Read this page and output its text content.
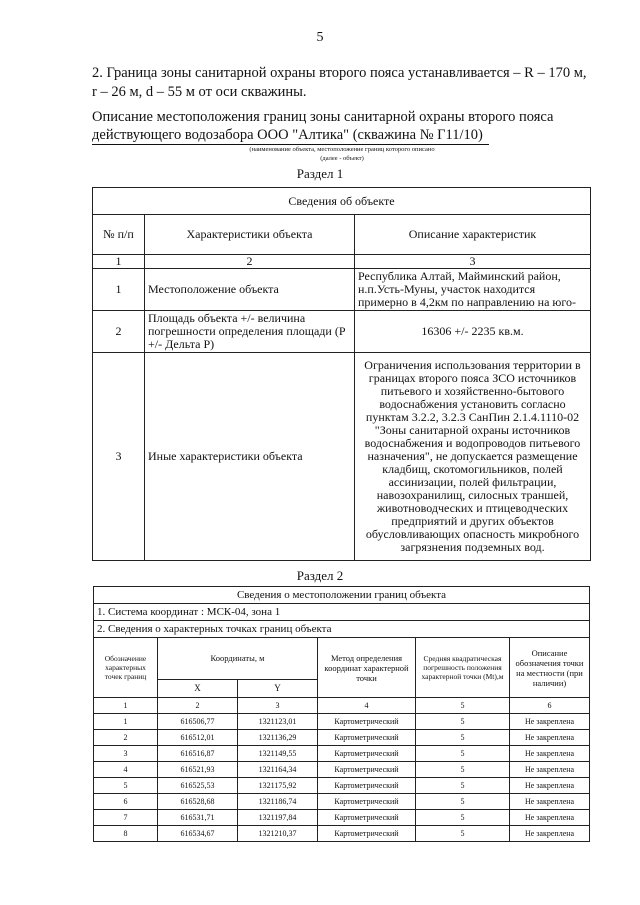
5
2. Граница зоны санитарной охраны второго пояса устанавливается – R – 170 м, r – 26 м, d – 55 м от оси скважины.
Описание местоположения границ зоны санитарной охраны второго пояса
действующего водозабора ООО "Алтика" (скважина № Г11/10)
(наименование объекта, местоположение границ которого описано
(далее - объект)
Раздел 1
Сведения об объекте		
№ п/п	Характеристики объекта	Описание характеристик
1	2	3
1	Местоположение объекта	Республика Алтай, Майминский район, н.п.Усть-Муны, участок находится примерно в 4,2км по направлению на юго-
2	Площадь объекта +/- величина погрешности определения площади (P +/- Дельта P)	16306 +/- 2235 кв.м.
3	Иные характеристики объекта	Ограничения использования территории в границах второго пояса ЗСО источников питьевого и хозяйственно-бытового водоснабжения установить согласно пунктам 3.2.2, 3.2.3 СанПин 2.1.4.1110-02 "Зоны санитарной охраны источников водоснабжения и водопроводов питьевого назначения", не допускается размещение кладбищ, скотомогильников, полей ассинизации, полей фильтрации, навозохранилищ, силосных траншей, животноводческих и птицеводческих предприятий и других объектов обусловливающих опасность микробного загрязнения подземных вод.
Раздел 2
Сведения о местоположении границ объекта					
1. Система координат : МСК-04, зона 1					
2. Сведения о характерных точках границ объекта					
Обозначение характерных точек границ	Координаты, м		Метод определения координат характерной точки	Средняя квадратическая погрешность положения характерной точки (Mt),м	Описание обозначения точки на местности (при наличии)
	X	Y			
1	2	3	4	5	6
1	616506,77	1321123,01	Картометрический	5	Не закреплена
2	616512,01	1321136,29	Картометрический	5	Не закреплена
3	616516,87	1321149,55	Картометрический	5	Не закреплена
4	616521,93	1321164,34	Картометрический	5	Не закреплена
5	616525,53	1321175,92	Картометрический	5	Не закреплена
6	616528,68	1321186,74	Картометрический	5	Не закреплена
7	616531,71	1321197,84	Картометрический	5	Не закреплена
8	616534,67	1321210,37	Картометрический	5	Не закреплена
